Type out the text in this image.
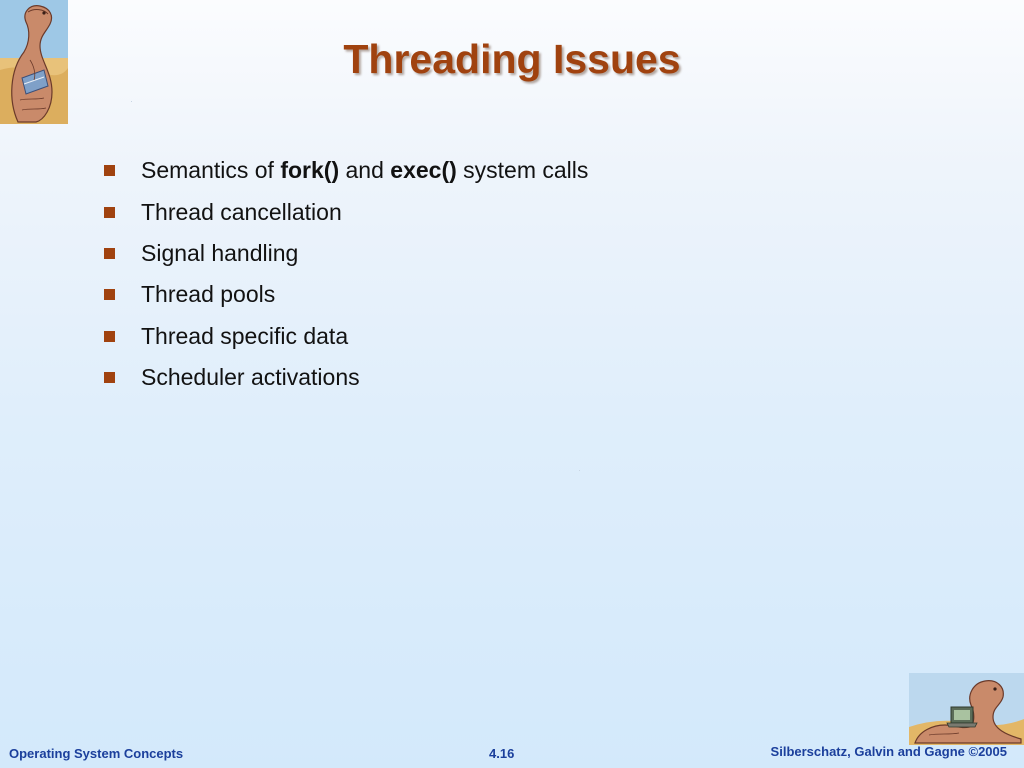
Threading Issues
Semantics of fork() and exec() system calls
Thread cancellation
Signal handling
Thread pools
Thread specific data
Scheduler activations
Operating System Concepts	4.16	Silberschatz, Galvin and Gagne ©2005
